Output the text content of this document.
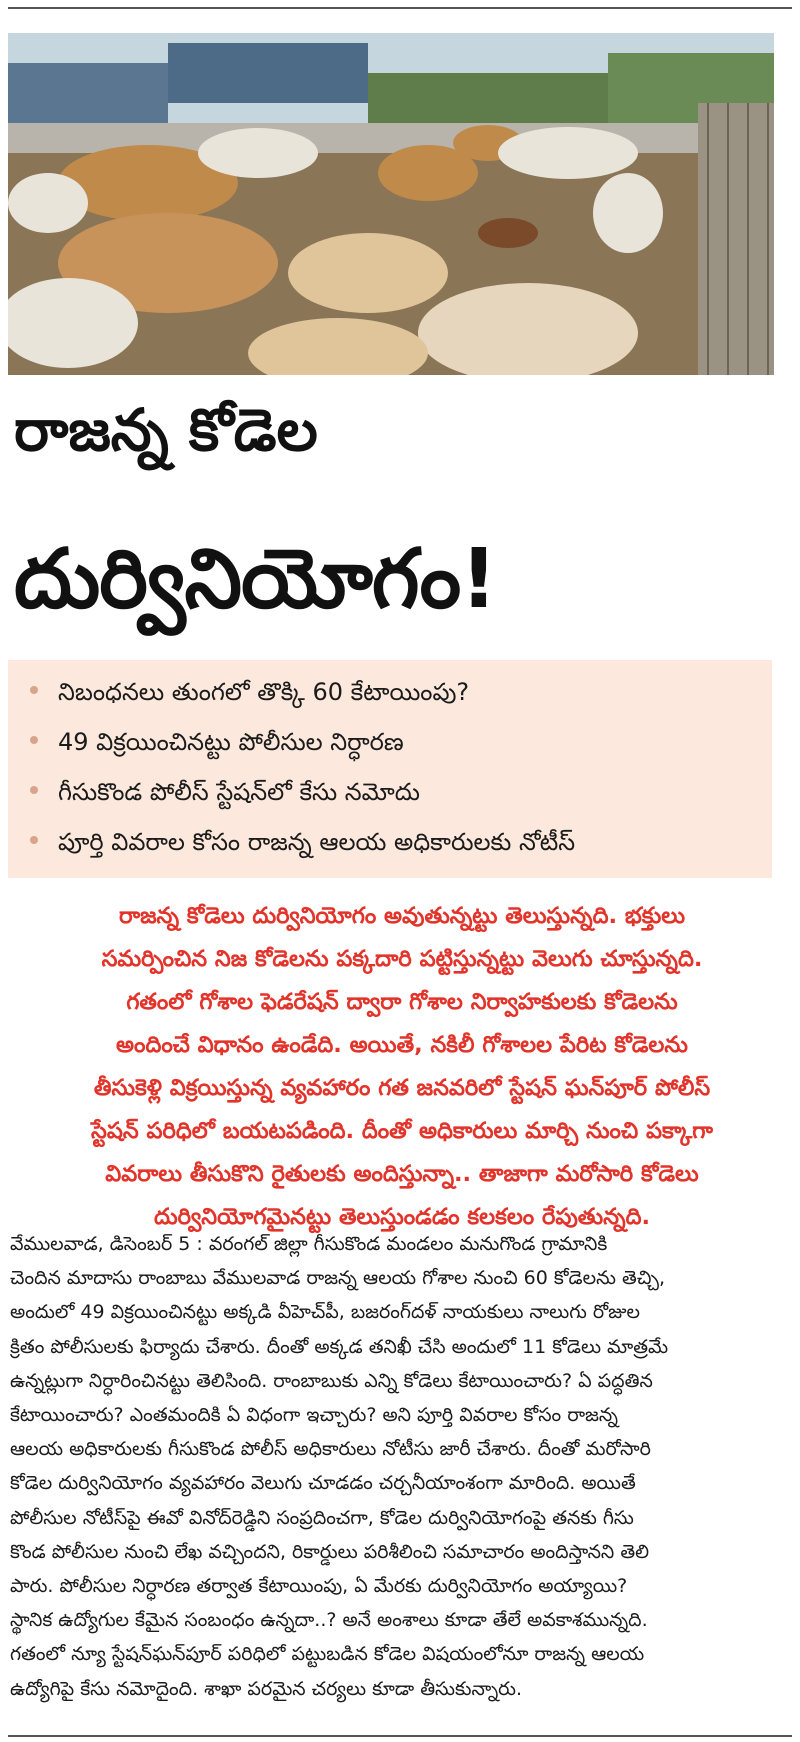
రాజన్న కోడెల
దుర్వినియోగం!
నిబంధనలు తుంగలో తొక్కి 60 కేటాయింపు?
49 విక్రయించినట్టు పోలీసుల నిర్ధారణ
గీసుకొండ పోలీస్ స్టేషన్‌లో కేసు నమోదు
పూర్తి వివరాల కోసం రాజన్న ఆలయ అధికారులకు నోటీస్

రాజన్న కోడెలు దుర్వినియోగం అవుతున్నట్టు తెలుస్తున్నది. భక్తులు

సమర్పించిన నిజ కోడెలను పక్కదారి పట్టిస్తున్నట్టు వెలుగు చూస్తున్నది.

గతంలో గోశాల ఫెడరేషన్ ద్వారా గోశాల నిర్వాహకులకు కోడెలను

అందించే విధానం ఉండేది. అయితే, నకిలీ గోశాలల పేరిట కోడెలను

తీసుకెళ్లి విక్రయిస్తున్న వ్యవహారం గత జనవరిలో స్టేషన్ ఘన్‌పూర్ పోలీస్

స్టేషన్ పరిధిలో బయటపడింది. దీంతో అధికారులు మార్చి నుంచి పక్కాగా

వివరాలు తీసుకొని రైతులకు అందిస్తున్నా.. తాజాగా మరోసారి కోడెలు

దుర్వినియోగమైనట్టు తెలుస్తుండడం కలకలం రేపుతున్నది.

వేములవాడ, డిసెంబర్ 5 : వరంగల్ జిల్లా గీసుకొండ మండలం మనుగొండ గ్రామానికి
చెందిన మాదాసు రాంబాబు వేములవాడ రాజన్న ఆలయ గోశాల నుంచి 60 కోడెలను తెచ్చి,
అందులో 49 విక్రయించినట్టు అక్కడి వీహెచ్‌పీ, బజరంగ్‌దళ్ నాయకులు నాలుగు రోజుల
క్రితం పోలీసులకు ఫిర్యాదు చేశారు. దీంతో అక్కడ తనిఖీ చేసి అందులో 11 కోడెలు మాత్రమే
ఉన్నట్లుగా నిర్ధారించినట్టు తెలిసింది. రాంబాబుకు ఎన్ని కోడెలు కేటాయించారు? ఏ పద్ధతిన
కేటాయించారు? ఎంతమందికి ఏ విధంగా ఇచ్చారు? అని పూర్తి వివరాల కోసం రాజన్న
ఆలయ అధికారులకు గీసుకొండ పోలీస్ అధికారులు నోటీసు జారీ చేశారు. దీంతో మరోసారి
కోడెల దుర్వినియోగం వ్యవహారం వెలుగు చూడడం చర్చనీయాంశంగా మారింది. అయితే
పోలీసుల నోటీస్‌పై ఈవో వినోద్‌రెడ్డిని సంప్రదించగా, కోడెల దుర్వినియోగంపై తనకు గీసు
కొండ పోలీసుల నుంచి లేఖ వచ్చిందని, రికార్డులు పరిశీలించి సమాచారం అందిస్తానని తెలి
పారు. పోలీసుల నిర్ధారణ తర్వాత కేటాయింపు, ఏ మేరకు దుర్వినియోగం అయ్యాయి?
స్థానిక ఉద్యోగుల కేమైన సంబంధం ఉన్నదా..? అనే అంశాలు కూడా తేలే అవకాశమున్నది.
గతంలో న్యూ స్టేషన్‌ఘన్‌పూర్ పరిధిలో పట్టుబడిన కోడెల విషయంలోనూ రాజన్న ఆలయ
ఉద్యోగిపై కేసు నమోదైంది. శాఖా పరమైన చర్యలు కూడా తీసుకున్నారు.
